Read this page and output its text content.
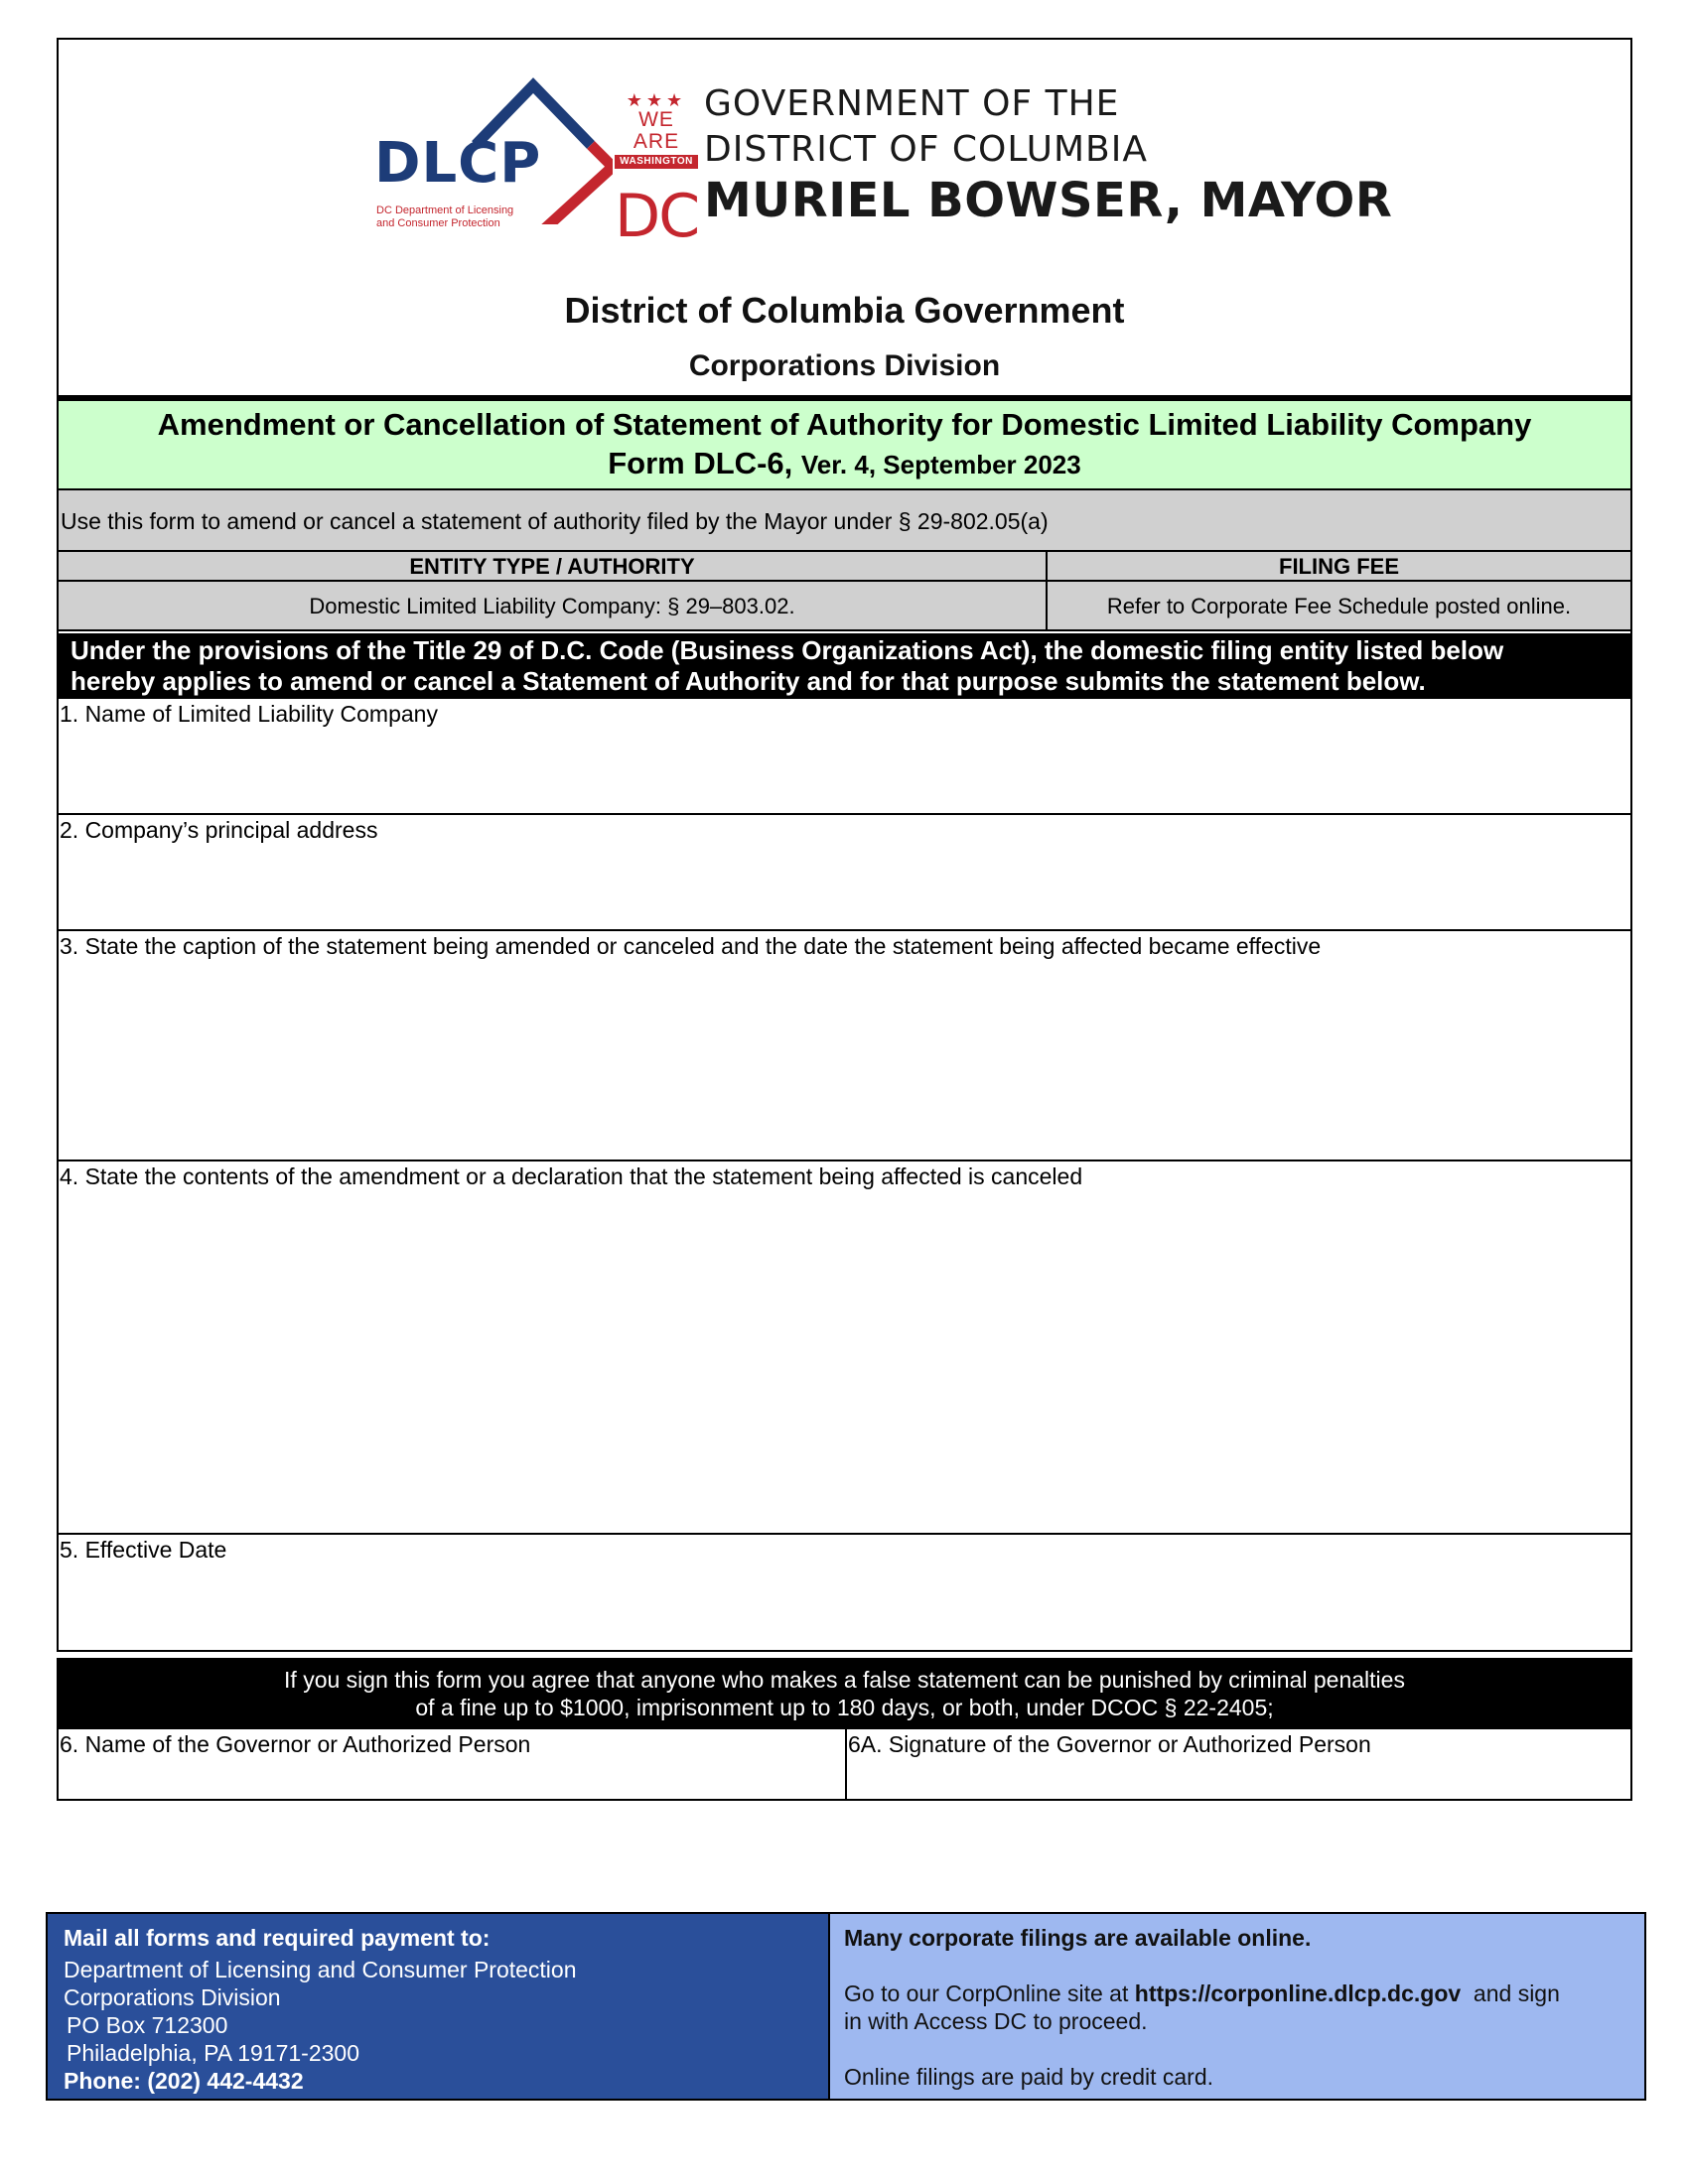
DLCP
DC Department of Licensing
and Consumer Protection
★★★
WE ARE
WASHINGTON
DC
GOVERNMENT OF THE
DISTRICT OF COLUMBIA
MURIEL BOWSER, MAYOR
District of Columbia Government
Corporations Division
Amendment or Cancellation of Statement of Authority for Domestic Limited Liability Company
Form DLC-6, Ver. 4, September 2023
Use this form to amend or cancel a statement of authority filed by the Mayor under § 29-802.05(a)
ENTITY TYPE / AUTHORITY	FILING FEE
Domestic Limited Liability Company: § 29–803.02.	Refer to Corporate Fee Schedule posted online.
Under the provisions of the Title 29 of D.C. Code (Business Organizations Act), the domestic filing entity listed below
hereby applies to amend or cancel a Statement of Authority and for that purpose submits the statement below.
1. Name of Limited Liability Company
2. Company’s principal address
3. State the caption of the statement being amended or canceled and the date the statement being affected became effective
4. State the contents of the amendment or a declaration that the statement being affected is canceled
5. Effective Date
If you sign this form you agree that anyone who makes a false statement can be punished by criminal penalties
of a fine up to $1000, imprisonment up to 180 days, or both, under DCOC § 22-2405;
6. Name of the Governor or Authorized Person	6A. Signature of the Governor or Authorized Person
Mail all forms and required payment to:
Department of Licensing and Consumer Protection
Corporations Division
PO Box 712300
Philadelphia, PA 19171-2300
Phone: (202) 442-4432
Many corporate filings are available online.
Go to our CorpOnline site at https://corponline.dlcp.dc.gov  and sign
in with Access DC to proceed.
Online filings are paid by credit card.
